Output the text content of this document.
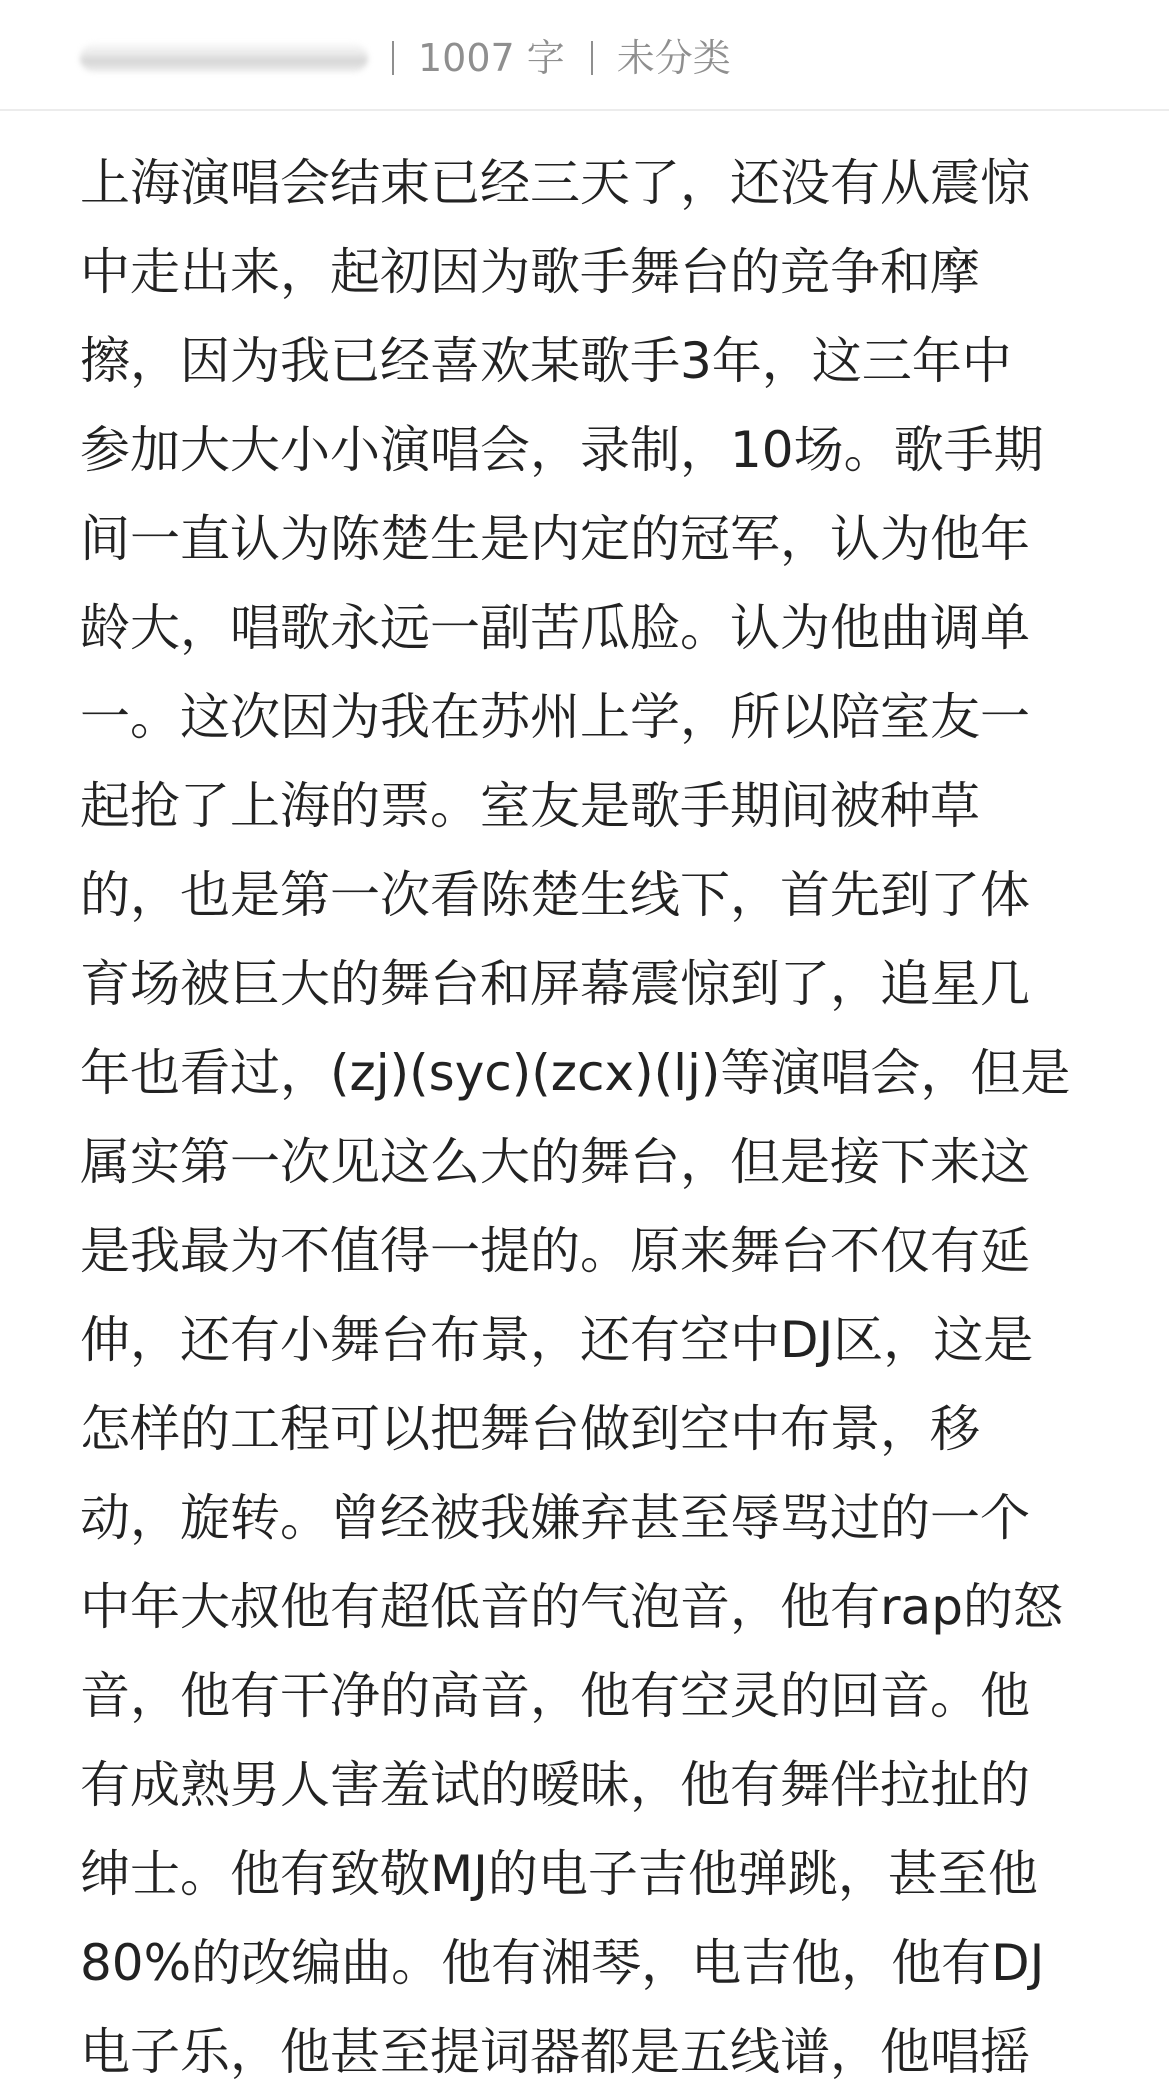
1007 字 未分类
上海演唱会结束已经三天了，还没有从震惊
中走出来，起初因为歌手舞台的竞争和摩
擦，因为我已经喜欢某歌手3年，这三年中
参加大大小小演唱会，录制，10场。歌手期
间一直认为陈楚生是内定的冠军，认为他年
龄大，唱歌永远一副苦瓜脸。认为他曲调单
一。这次因为我在苏州上学，所以陪室友一
起抢了上海的票。室友是歌手期间被种草
的，也是第一次看陈楚生线下，首先到了体
育场被巨大的舞台和屏幕震惊到了，追星几
年也看过，(zj)(syc)(zcx)(lj)等演唱会，但是
属实第一次见这么大的舞台，但是接下来这
是我最为不值得一提的。原来舞台不仅有延
伸，还有小舞台布景，还有空中DJ区，这是
怎样的工程可以把舞台做到空中布景，移
动，旋转。曾经被我嫌弃甚至辱骂过的一个
中年大叔他有超低音的气泡音，他有rap的怒
音，他有干净的高音，他有空灵的回音。他
有成熟男人害羞试的暧昧，他有舞伴拉扯的
绅士。他有致敬MJ的电子吉他弹跳，甚至他
80%的改编曲。他有湘琴，电吉他，他有DJ
电子乐，他甚至提词器都是五线谱，他唱摇
